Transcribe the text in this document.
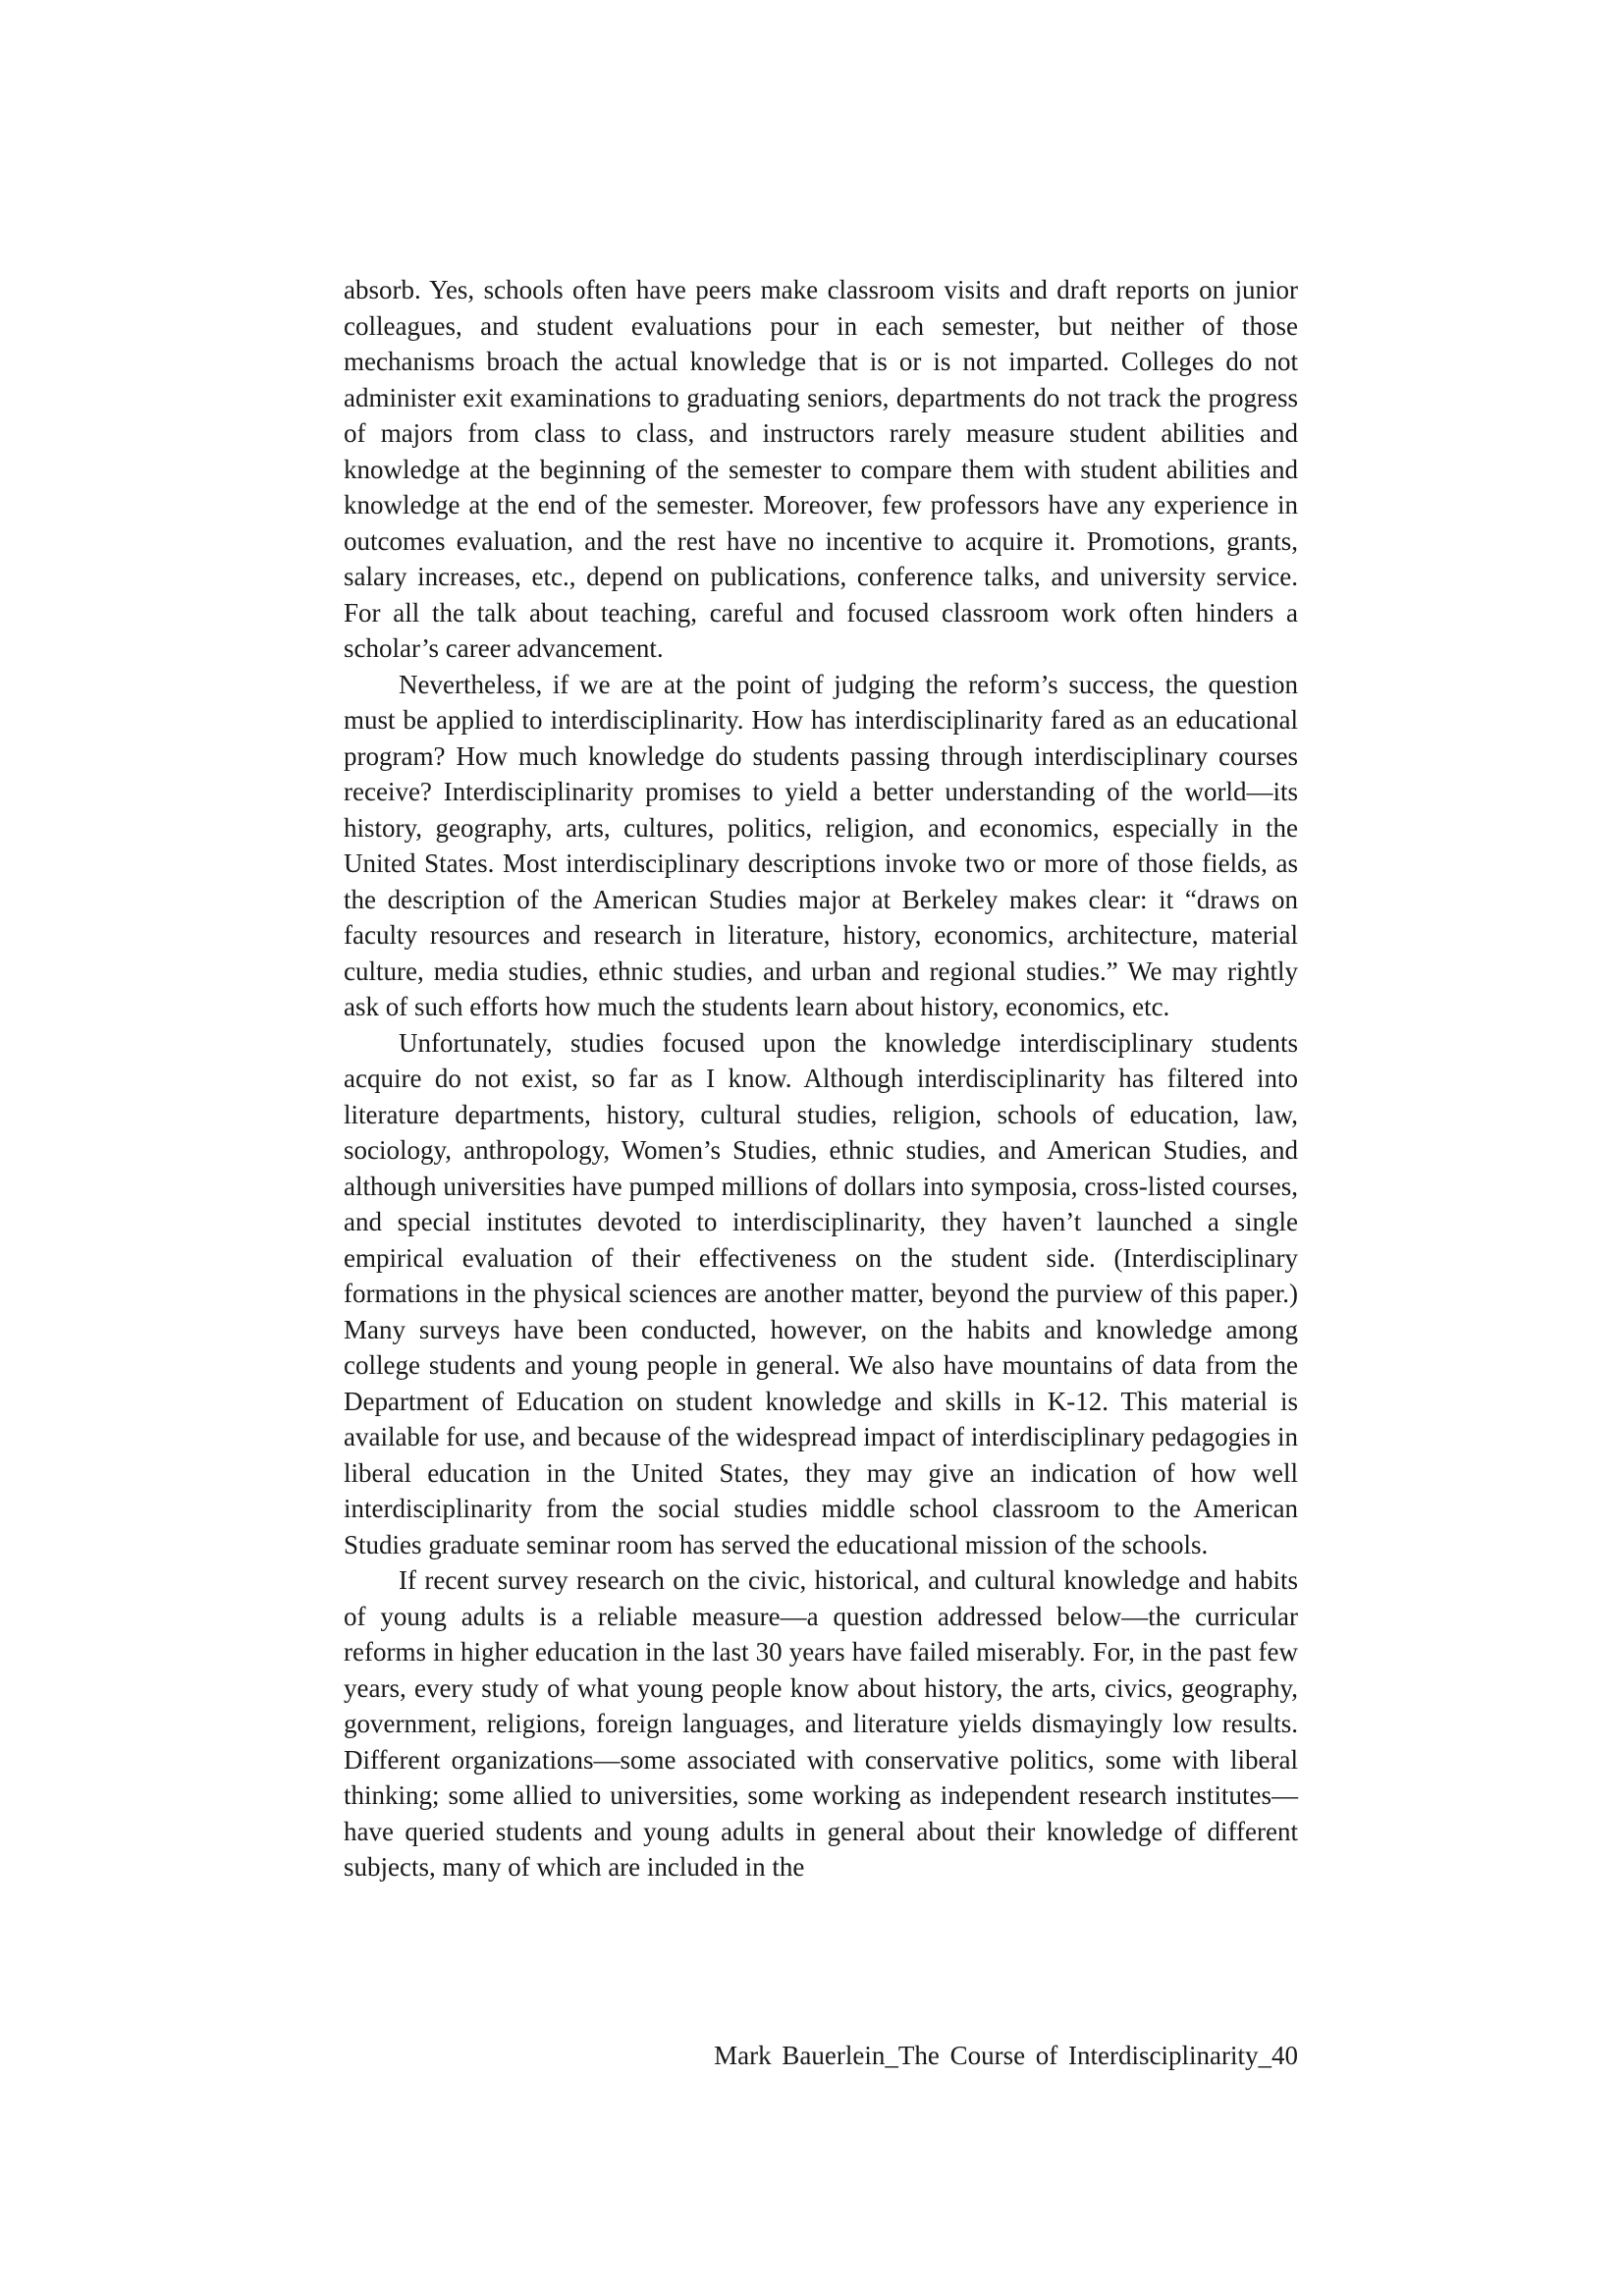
absorb. Yes, schools often have peers make classroom visits and draft reports on junior colleagues, and student evaluations pour in each semester, but neither of those mechanisms broach the actual knowledge that is or is not imparted. Colleges do not administer exit examinations to graduating seniors, departments do not track the progress of majors from class to class, and instructors rarely measure student abilities and knowledge at the beginning of the semester to compare them with student abilities and knowledge at the end of the semester. Moreover, few professors have any experience in outcomes evaluation, and the rest have no incentive to acquire it. Promotions, grants, salary increases, etc., depend on publications, conference talks, and university service. For all the talk about teaching, careful and focused classroom work often hinders a scholar’s career advancement.

Nevertheless, if we are at the point of judging the reform’s success, the question must be applied to interdisciplinarity. How has interdisciplinarity fared as an educational program? How much knowledge do students passing through interdisciplinary courses receive? Interdisciplinarity promises to yield a better understanding of the world—its history, geography, arts, cultures, politics, religion, and economics, especially in the United States. Most interdisciplinary descriptions invoke two or more of those fields, as the description of the American Studies major at Berkeley makes clear: it “draws on faculty resources and research in literature, history, economics, architecture, material culture, media studies, ethnic studies, and urban and regional studies.” We may rightly ask of such efforts how much the students learn about history, economics, etc.

Unfortunately, studies focused upon the knowledge interdisciplinary students acquire do not exist, so far as I know. Although interdisciplinarity has filtered into literature departments, history, cultural studies, religion, schools of education, law, sociology, anthropology, Women’s Studies, ethnic studies, and American Studies, and although universities have pumped millions of dollars into symposia, cross-listed courses, and special institutes devoted to interdisciplinarity, they haven’t launched a single empirical evaluation of their effectiveness on the student side. (Interdisciplinary formations in the physical sciences are another matter, beyond the purview of this paper.) Many surveys have been conducted, however, on the habits and knowledge among college students and young people in general. We also have mountains of data from the Department of Education on student knowledge and skills in K-12. This material is available for use, and because of the widespread impact of interdisciplinary pedagogies in liberal education in the United States, they may give an indication of how well interdisciplinarity from the social studies middle school classroom to the American Studies graduate seminar room has served the educational mission of the schools.

If recent survey research on the civic, historical, and cultural knowledge and habits of young adults is a reliable measure—a question addressed below—the curricular reforms in higher education in the last 30 years have failed miserably. For, in the past few years, every study of what young people know about history, the arts, civics, geography, government, religions, foreign languages, and literature yields dismayingly low results. Different organizations—some associated with conservative politics, some with liberal thinking; some allied to universities, some working as independent research institutes—have queried students and young adults in general about their knowledge of different subjects, many of which are included in the

Mark Bauerlein_The Course of Interdisciplinarity_40
